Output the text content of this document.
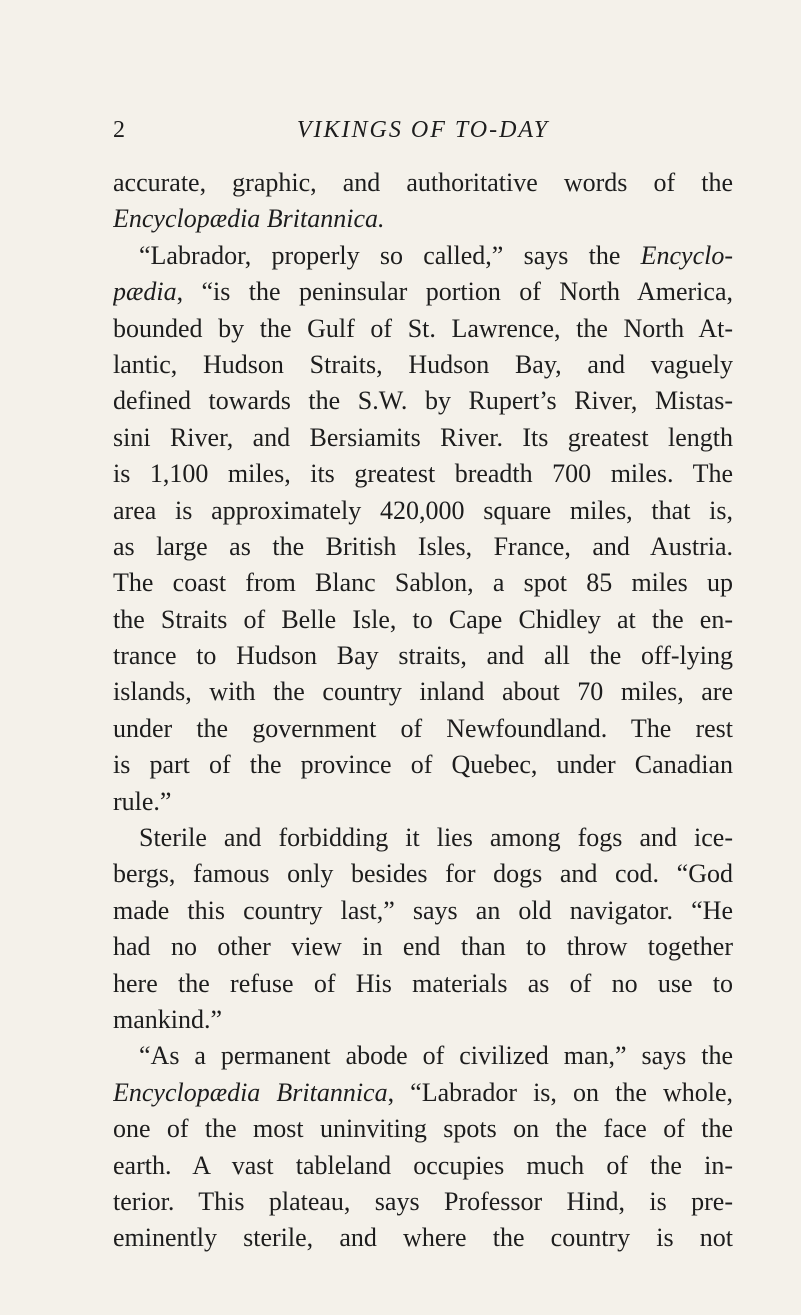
2	VIKINGS OF TO-DAY
accurate, graphic, and authoritative words of the
Encyclopædia Britannica.
“Labrador, properly so called,” says the Encyclo-
pædia, “is the peninsular portion of North America,
bounded by the Gulf of St. Lawrence, the North At-
lantic, Hudson Straits, Hudson Bay, and vaguely
defined towards the S.W. by Rupert’s River, Mistas-
sini River, and Bersiamits River. Its greatest length
is 1,100 miles, its greatest breadth 700 miles. The
area is approximately 420,000 square miles, that is,
as large as the British Isles, France, and Austria.
The coast from Blanc Sablon, a spot 85 miles up
the Straits of Belle Isle, to Cape Chidley at the en-
trance to Hudson Bay straits, and all the off-lying
islands, with the country inland about 70 miles, are
under the government of Newfoundland. The rest
is part of the province of Quebec, under Canadian
rule.”
Sterile and forbidding it lies among fogs and ice-
bergs, famous only besides for dogs and cod. “God
made this country last,” says an old navigator. “He
had no other view in end than to throw together
here the refuse of His materials as of no use to
mankind.”
“As a permanent abode of civilized man,” says the
Encyclopædia Britannica, “Labrador is, on the whole,
one of the most uninviting spots on the face of the
earth. A vast tableland occupies much of the in-
terior. This plateau, says Professor Hind, is pre-
eminently sterile, and where the country is not
